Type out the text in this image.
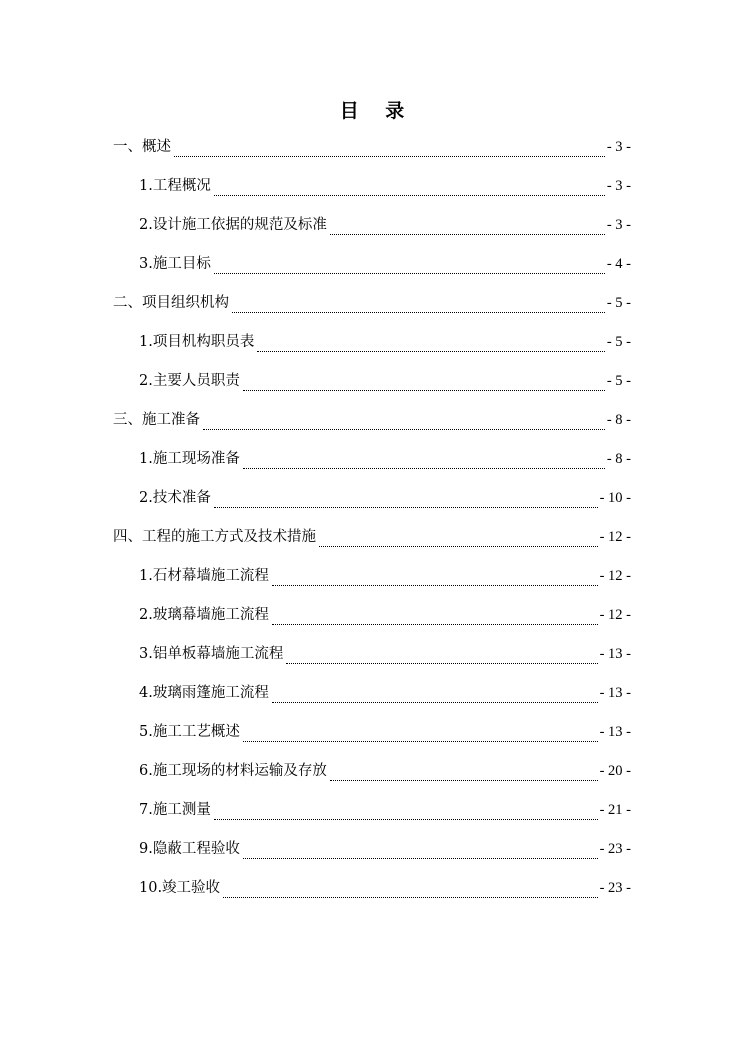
目 录
一、概述	- 3 -
1.工程概况	- 3 -
2.设计施工依据的规范及标准	- 3 -
3.施工目标	- 4 -
二、项目组织机构	- 5 -
1.项目机构职员表	- 5 -
2.主要人员职责	- 5 -
三、施工准备	- 8 -
1.施工现场准备	- 8 -
2.技术准备	- 10 -
四、工程的施工方式及技术措施	- 12 -
1.石材幕墙施工流程	- 12 -
2.玻璃幕墙施工流程	- 12 -
3.铝单板幕墙施工流程	- 13 -
4.玻璃雨篷施工流程	- 13 -
5.施工工艺概述	- 13 -
6.施工现场的材料运输及存放	- 20 -
7.施工测量	- 21 -
9.隐蔽工程验收	- 23 -
10.竣工验收	- 23 -
